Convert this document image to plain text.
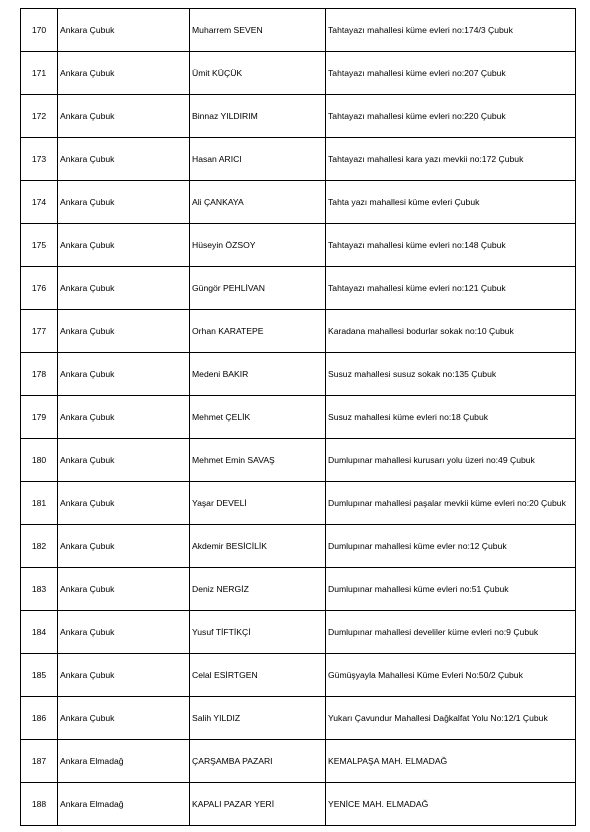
170	Ankara Çubuk	Muharrem SEVEN	Tahtayazı mahallesi küme evleri no:174/3 Çubuk
171	Ankara Çubuk	Ümit KÜÇÜK	Tahtayazı mahallesi küme evleri no:207 Çubuk
172	Ankara Çubuk	Binnaz YILDIRIM	Tahtayazı mahallesi küme evleri no:220 Çubuk
173	Ankara Çubuk	Hasan ARICI	Tahtayazı mahallesi kara yazı mevkii no:172 Çubuk
174	Ankara Çubuk	Ali ÇANKAYA	Tahta yazı mahallesi küme evleri Çubuk
175	Ankara Çubuk	Hüseyin ÖZSOY	Tahtayazı mahallesi küme evleri no:148 Çubuk
176	Ankara Çubuk	Güngör PEHLİVAN	Tahtayazı mahallesi küme evleri no:121 Çubuk
177	Ankara Çubuk	Orhan KARATEPE	Karadana mahallesi bodurlar sokak no:10 Çubuk
178	Ankara Çubuk	Medeni BAKIR	Susuz mahallesi susuz sokak no:135 Çubuk
179	Ankara Çubuk	Mehmet ÇELİK	Susuz mahallesi küme evleri no:18 Çubuk
180	Ankara Çubuk	Mehmet Emin SAVAŞ	Dumlupınar mahallesi kurusarı yolu üzeri no:49 Çubuk
181	Ankara Çubuk	Yaşar DEVELİ	Dumlupınar mahallesi paşalar mevkii küme evleri no:20 Çubuk
182	Ankara Çubuk	Akdemir BESİCİLİK	Dumlupınar mahallesi küme evler no:12 Çubuk
183	Ankara Çubuk	Deniz NERGİZ	Dumlupınar mahallesi küme evleri no:51 Çubuk
184	Ankara Çubuk	Yusuf TİFTİKÇİ	Dumlupınar mahallesi develiler küme evleri no:9 Çubuk
185	Ankara Çubuk	Celal ESİRTGEN	Gümüşyayla Mahallesi Küme Evleri No:50/2 Çubuk
186	Ankara Çubuk	Salih YILDIZ	Yukarı Çavundur Mahallesi Dağkalfat Yolu No:12/1 Çubuk
187	Ankara Elmadağ	ÇARŞAMBA PAZARI	KEMALPAŞA MAH. ELMADAĞ
188	Ankara Elmadağ	KAPALI PAZAR YERİ	YENİCE MAH. ELMADAĞ
